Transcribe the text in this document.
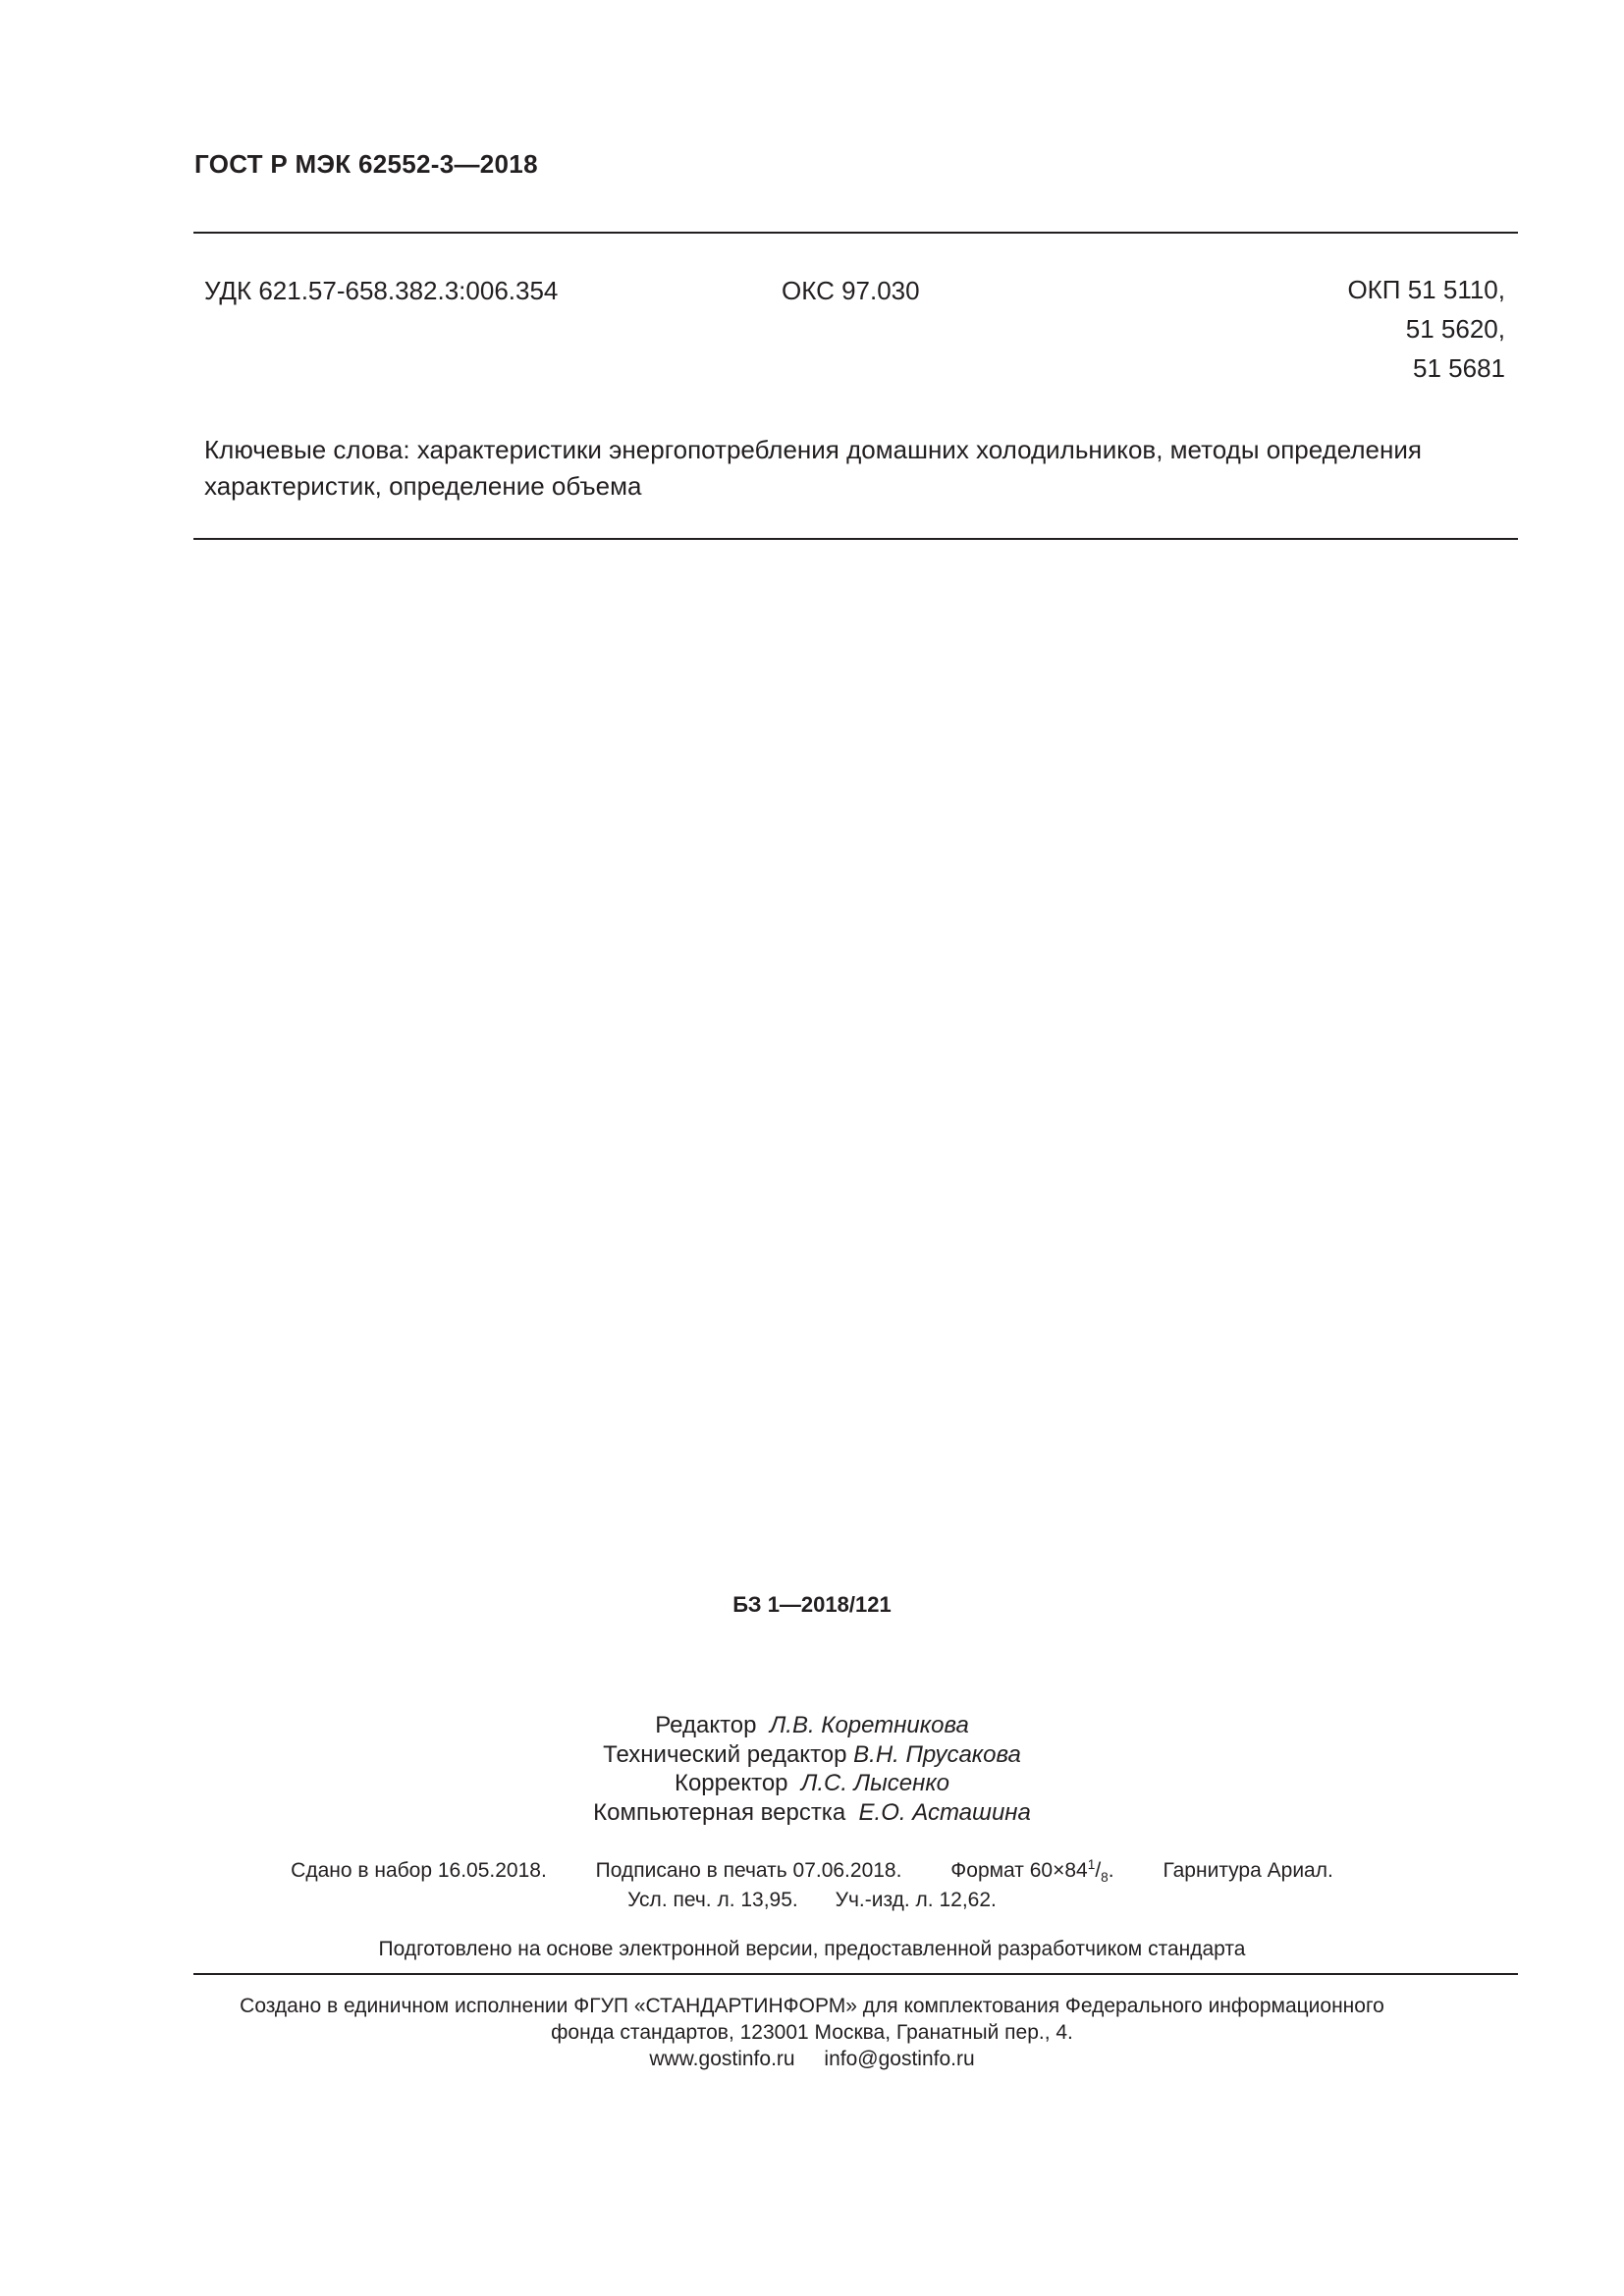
ГОСТ Р МЭК 62552-3—2018
УДК 621.57-658.382.3:006.354	ОКС 97.030	ОКП 51 5110,
51 5620,
51 5681
Ключевые слова: характеристики энергопотребления домашних холодильников, методы определения характеристик, определение объема
БЗ 1—2018/121
Редактор Л.В. Коретникова
Технический редактор В.Н. Прусакова
Корректор Л.С. Лысенко
Компьютерная верстка Е.О. Асташина
Сдано в набор 16.05.2018. Подписано в печать 07.06.2018. Формат $60\times 84^1/_8$. Гарнитура Ариал.
Усл. печ. л. 13,95. Уч.-изд. л. 12,62.
Подготовлено на основе электронной версии, предоставленной разработчиком стандарта
Создано в единичном исполнении ФГУП «СТАНДАРТИНФОРМ» для комплектования Федерального информационного
фонда стандартов, 123001 Москва, Гранатный пер., 4.
www.gostinfo.ru info@gostinfo.ru
